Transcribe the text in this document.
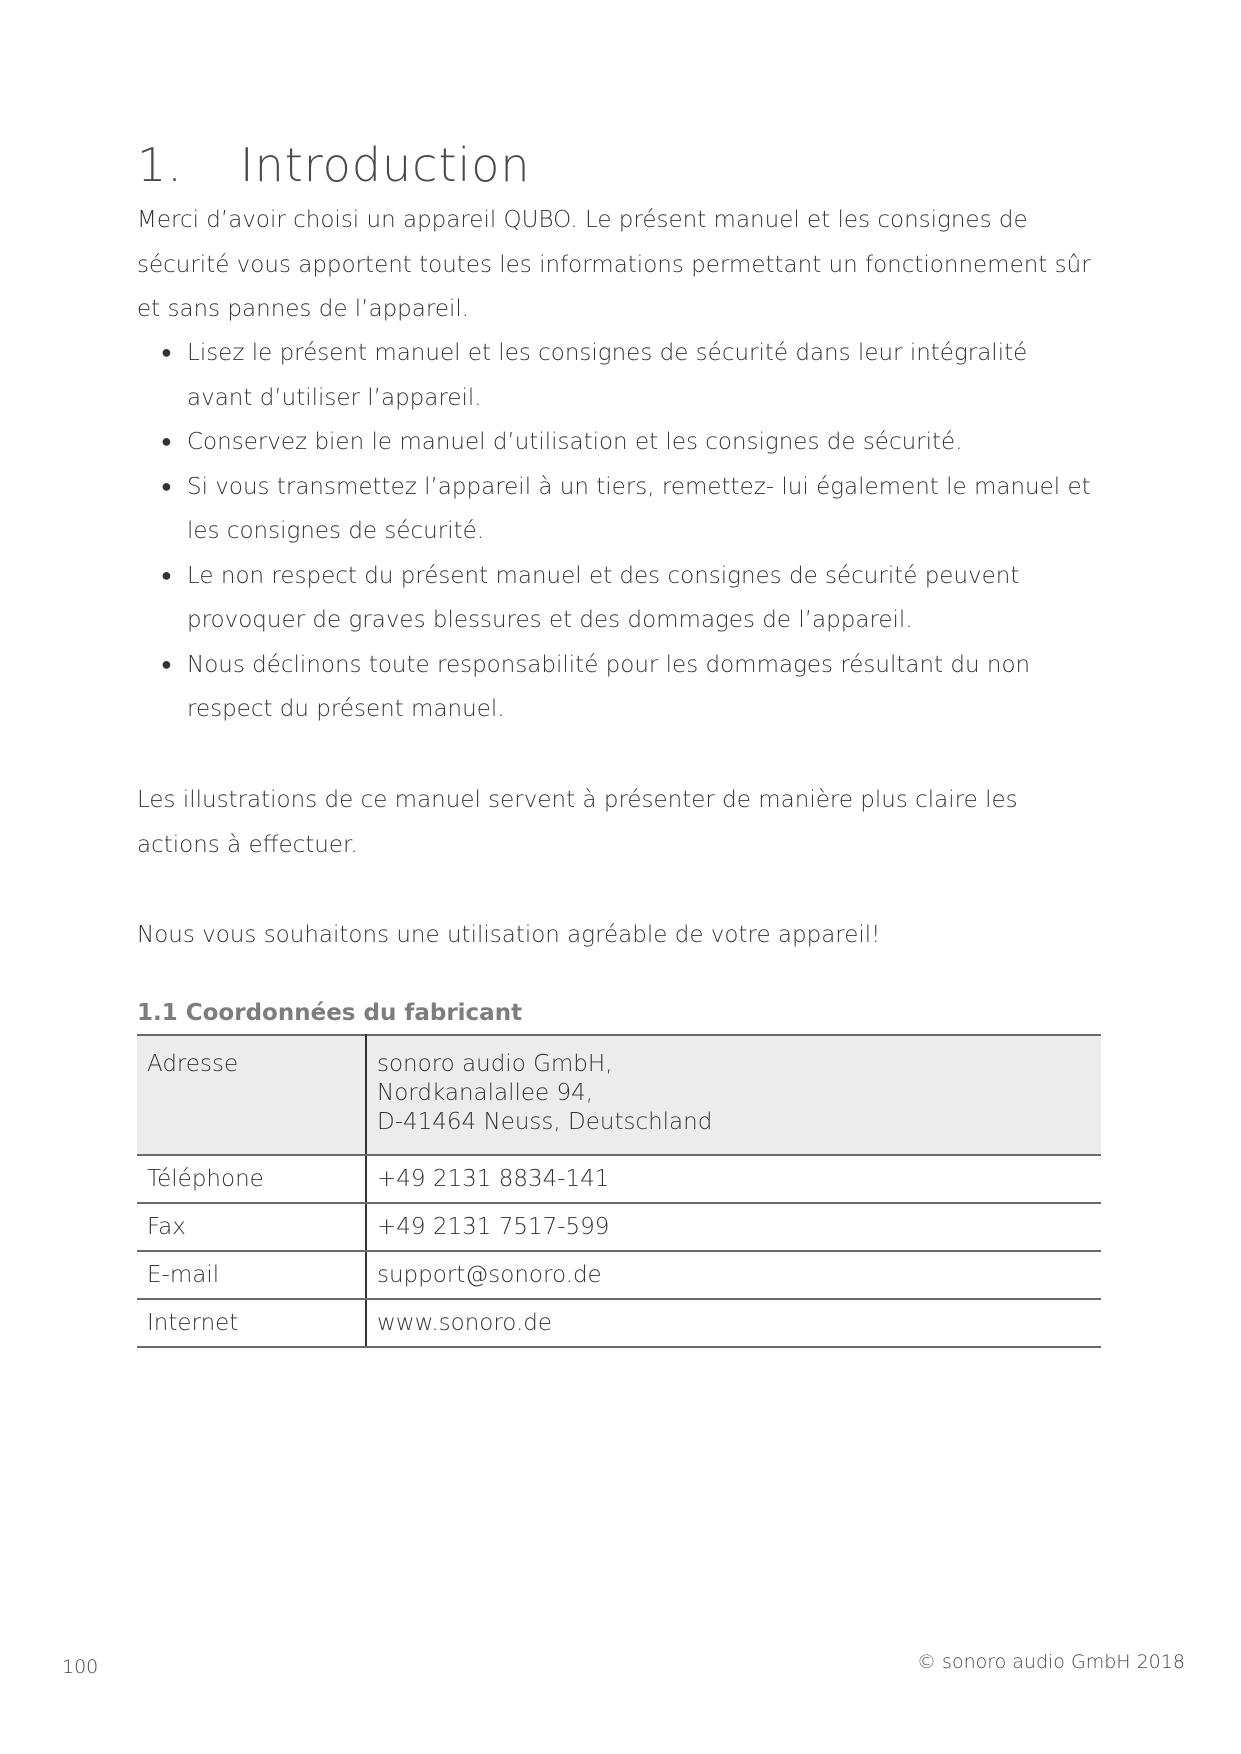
1. Introduction
Merci d’avoir choisi un appareil QUBO. Le présent manuel et les consignes de sécurité vous apportent toutes les informations permettant un fonctionnement sûr et sans pannes de l’appareil.
● Lisez le présent manuel et les consignes de sécurité dans leur intégralité avant d’utiliser l’appareil.
● Conservez bien le manuel d’utilisation et les consignes de sécurité.
● Si vous transmettez l’appareil à un tiers, remettez- lui également le manuel et les consignes de sécurité.
● Le non respect du présent manuel et des consignes de sécurité peuvent provoquer de graves blessures et des dommages de l’appareil.
● Nous déclinons toute responsabilité pour les dommages résultant du non respect du présent manuel.
Les illustrations de ce manuel servent à présenter de manière plus claire les actions à effectuer.
Nous vous souhaitons une utilisation agréable de votre appareil!
1.1 Coordonnées du fabricant
Adresse	sonoro audio GmbH,
Nordkanalallee 94,
D-41464 Neuss, Deutschland

Téléphone	+49 2131 8834-141
Fax	+49 2131 7517-599
E-mail	support@sonoro.de
Internet	www.sonoro.de
100	© sonoro audio GmbH 2018
